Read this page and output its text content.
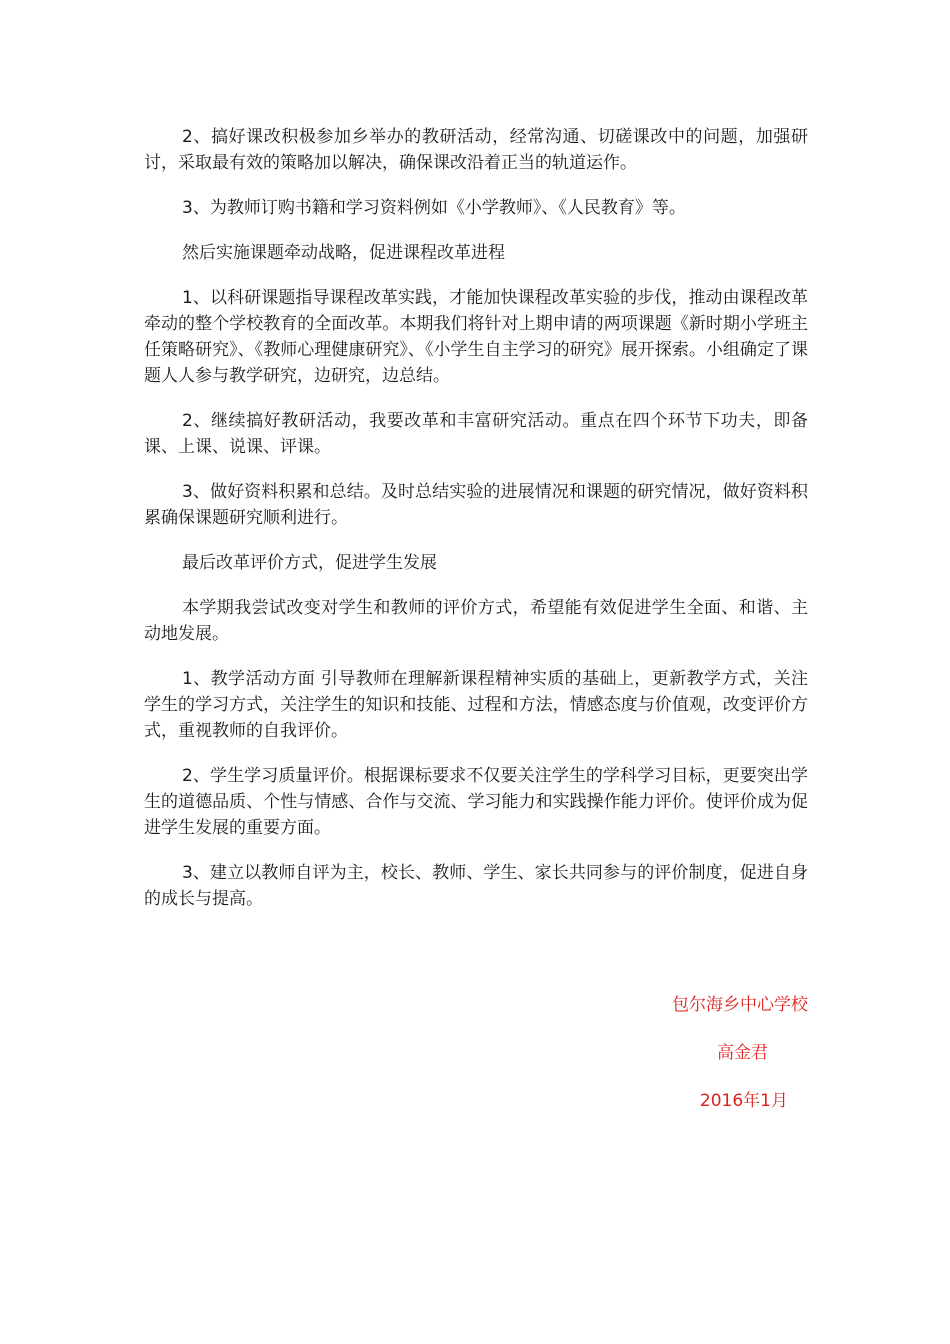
2、搞好课改积极参加乡举办的教研活动，经常沟通、切磋课改中的问题，加强研讨，采取最有效的策略加以解决，确保课改沿着正当的轨道运作。

3、为教师订购书籍和学习资料例如《小学教师》、《人民教育》等。

然后实施课题牵动战略，促进课程改革进程

1、以科研课题指导课程改革实践，才能加快课程改革实验的步伐，推动由课程改革牵动的整个学校教育的全面改革。本期我们将针对上期申请的两项课题《新时期小学班主任策略研究》、《教师心理健康研究》、《小学生自主学习的研究》展开探索。小组确定了课题人人参与教学研究，边研究，边总结。

2、继续搞好教研活动，我要改革和丰富研究活动。重点在四个环节下功夫，即备课、上课、说课、评课。

3、做好资料积累和总结。及时总结实验的进展情况和课题的研究情况，做好资料积累确保课题研究顺利进行。

最后改革评价方式，促进学生发展

本学期我尝试改变对学生和教师的评价方式，希望能有效促进学生全面、和谐、主动地发展。

1、教学活动方面 引导教师在理解新课程精神实质的基础上，更新教学方式，关注学生的学习方式，关注学生的知识和技能、过程和方法，情感态度与价值观，改变评价方式，重视教师的自我评价。

2、学生学习质量评价。根据课标要求不仅要关注学生的学科学习目标，更要突出学生的道德品质、个性与情感、合作与交流、学习能力和实践操作能力评价。使评价成为促进学生发展的重要方面。

3、建立以教师自评为主，校长、教师、学生、家长共同参与的评价制度，促进自身的成长与提高。

包尔海乡中心学校
高金君
2016年1月
